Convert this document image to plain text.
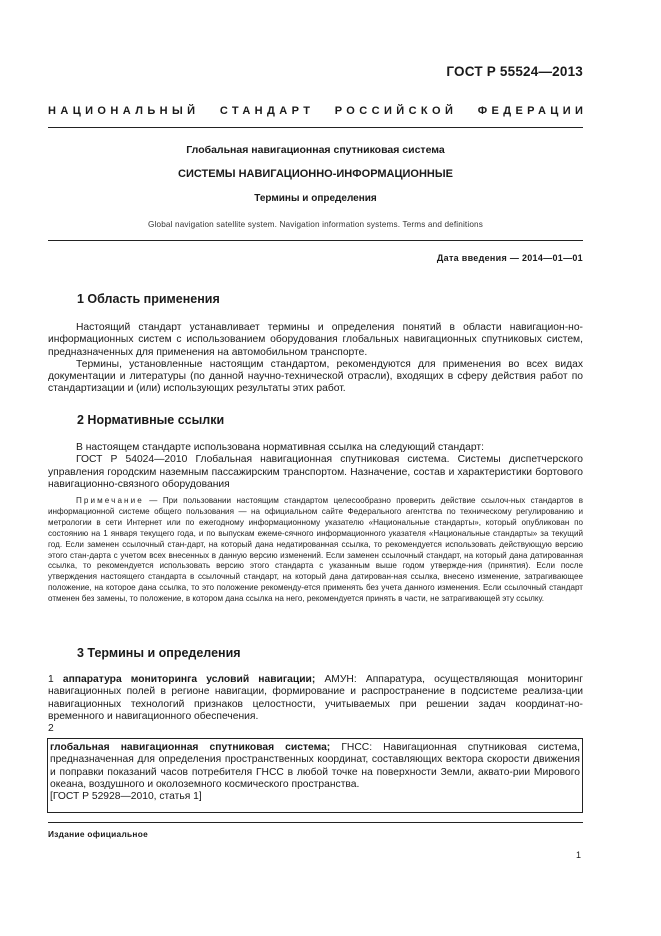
ГОСТ Р 55524—2013
НАЦИОНАЛЬНЫЙ СТАНДАРТ РОССИЙСКОЙ ФЕДЕРАЦИИ
Глобальная навигационная спутниковая система
СИСТЕМЫ НАВИГАЦИОННО-ИНФОРМАЦИОННЫЕ
Термины и определения
Global navigation satellite system. Navigation information systems. Terms and definitions
Дата введения — 2014—01—01
1 Область применения

Настоящий стандарт устанавливает термины и определения понятий в области навигацион-но-информационных систем с использованием оборудования глобальных навигационных спутниковых систем, предназначенных для применения на автомобильном транспорте.

Термины, установленные настоящим стандартом, рекомендуются для применения во всех видах документации и литературы (по данной научно-технической отрасли), входящих в сферу действия работ по стандартизации и (или) использующих результаты этих работ.

2 Нормативные ссылки

В настоящем стандарте использована нормативная ссылка на следующий стандарт:

ГОСТ Р 54024—2010 Глобальная навигационная спутниковая система. Системы диспетчерского управления городским наземным пассажирским транспортом. Назначение, состав и характеристики бортового навигационно-связного оборудования

Примечание — При пользовании настоящим стандартом целесообразно проверить действие ссылоч-ных стандартов в информационной системе общего пользования — на официальном сайте Федерального агентства по техническому регулированию и метрологии в сети Интернет или по ежегодному информационному указателю «Национальные стандарты», который опубликован по состоянию на 1 января текущего года, и по выпускам ежеме-сячного информационного указателя «Национальные стандарты» за текущий год. Если заменен ссылочный стан-дарт, на который дана недатированная ссылка, то рекомендуется использовать действующую версию этого стан-дарта с учетом всех внесенных в данную версию изменений. Если заменен ссылочный стандарт, на который дана датированная ссылка, то рекомендуется использовать версию этого стандарта с указанным выше годом утвержде-ния (принятия). Если после утверждения настоящего стандарта в ссылочный стандарт, на который дана датирован-ная ссылка, внесено изменение, затрагивающее положение, на которое дана ссылка, то это положение рекоменду-ется применять без учета данного изменения. Если ссылочный стандарт отменен без замены, то положение, в котором дана ссылка на него, рекомендуется принять в части, не затрагивающей эту ссылку.
3 Термины и определения
1 аппаратура мониторинга условий навигации; АМУН: Аппаратура, осуществляющая мониторинг навигационных полей в регионе навигации, формирование и распространение в подсистеме реализа-ции навигационных технологий признаков целостности, учитываемых при решении задач координат-но-временного и навигационного обеспечения.
2

глобальная навигационная спутниковая система; ГНСС: Навигационная спутниковая система, предназначенная для определения пространственных координат, составляющих вектора скорости движения и поправки показаний часов потребителя ГНСС в любой точке на поверхности Земли, аквато-рии Мирового океана, воздушного и околоземного космического пространства.

[ГОСТ Р 52928—2010, статья 1]

Издание официальное
1
